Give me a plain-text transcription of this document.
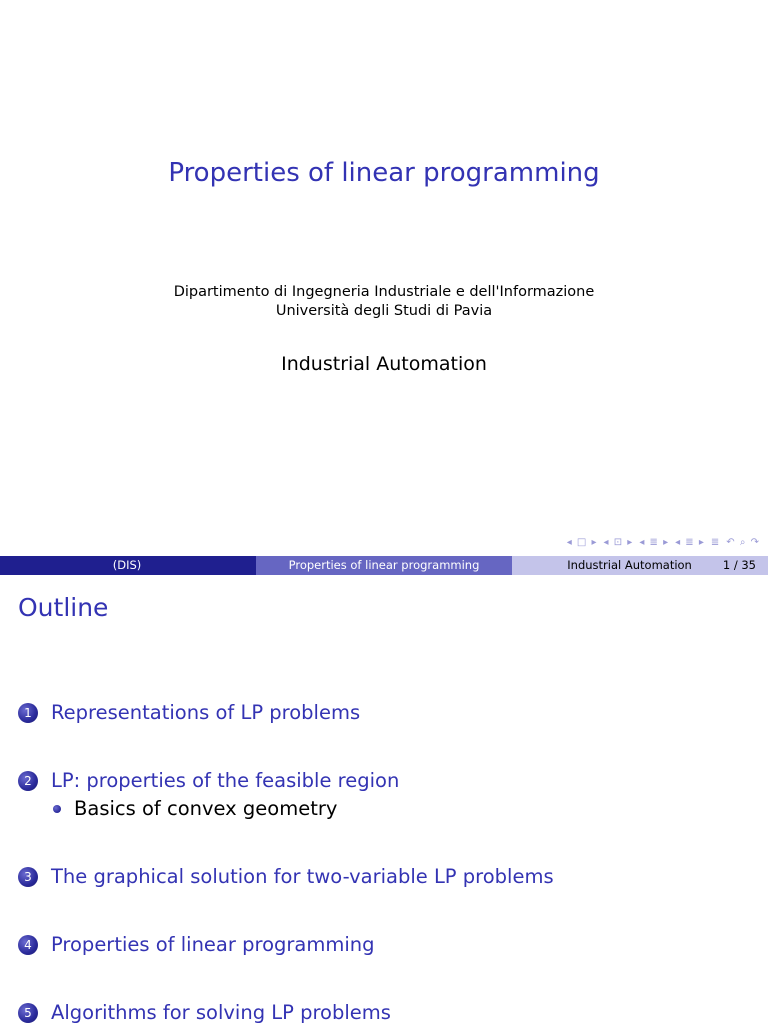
Properties of linear programming
Dipartimento di Ingegneria Industriale e dell'Informazione
Università degli Studi di Pavia
Industrial Automation
◂ □ ▸ ◂ ⊡ ▸ ◂ ≣ ▸ ◂ ≣ ▸ ≣ ↶ ⌕ ↷
(DIS)	Properties of linear programming	Industrial Automation	1 / 35
Outline
1 Representations of LP problems
2 LP: properties of the feasible region
Basics of convex geometry
3 The graphical solution for two-variable LP problems
4 Properties of linear programming
5 Algorithms for solving LP problems
